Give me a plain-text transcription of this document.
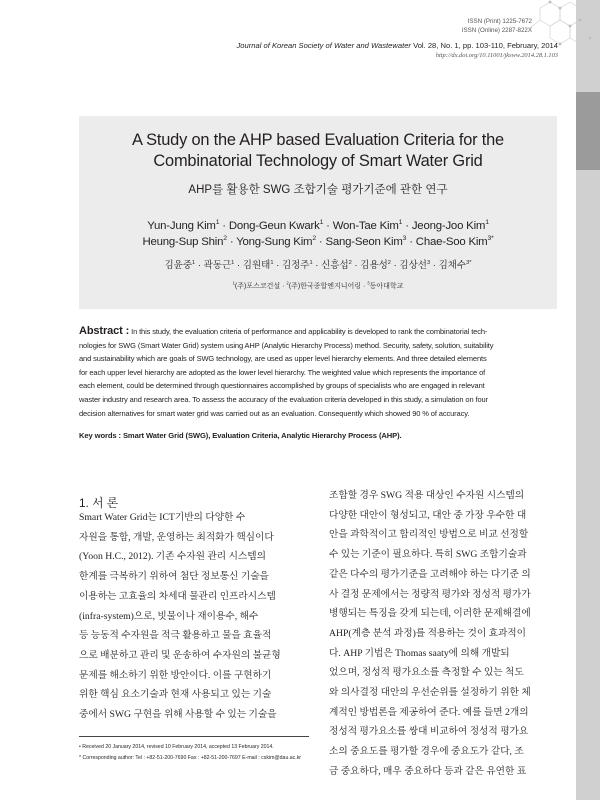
ISSN (Print) 1225-7672
ISSN (Online) 2287-822X
Journal of Korean Society of Water and Wastewater Vol. 28, No. 1, pp. 103-110, February, 2014
http://dx.doi.org/10.11001/jksww.2014.28.1.103
A Study on the AHP based Evaluation Criteria for the
Combinatorial Technology of Smart Water Grid
AHP를 활용한 SWG 조합기술 평가기준에 관한 연구
Yun-Jung Kim$^1$ · Dong-Geun Kwark$^1$ · Won-Tae Kim$^1$ · Jeong-Joo Kim$^1$
Heung-Sup Shin$^2$ · Yong-Sung Kim$^2$ · Sang-Seon Kim$^3$ · Chae-Soo Kim$^{3*}$
김윤중$^1$ · 곽동근$^1$ · 김원태$^1$ · 김정주$^1$ · 신흥섭$^2$ · 김용성$^2$ · 김상선$^3$ · 김채수$^{3*}$
$^1$(주)포스코건설 · $^2$(주)한국종합엔지니어링 · $^3$동아대학교
Abstract : In this study, the evaluation criteria of performance and applicability is developed to rank the combinatorial tech-
nologies for SWG (Smart Water Grid) system using AHP (Analytic Hierarchy Process) method. Security, safety, solution, suitability
and sustainability which are goals of SWG technology, are used as upper level hierarchy elements. And three detailed elements
for each upper level hierarchy are adopted as the lower level hierarchy. The weighted value which represents the importance of
each element, could be determined through questionnaires accomplished by groups of specialists who are engaged in relevant
waster industry and research area. To assess the accuracy of the evaluation criteria developed in this study, a simulation on four
decision alternatives for smart water grid was carried out as an evaluation. Consequently which showed 90 % of accuracy.
Key words : Smart Water Grid (SWG), Evaluation Criteria, Analytic Hierarchy Process (AHP).
1. 서 론
Smart Water Grid는 ICT기반의 다양한 수
자원을 통합, 개발, 운영하는 최적화가 핵심이다
(Yoon H.C., 2012). 기존 수자원 관리 시스템의
한계를 극복하기 위하여 첨단 정보통신 기술을
이용하는 고효율의 차세대 물관리 인프라시스템
(infra-system)으로, 빗물이나 재이용수, 해수
등 능동적 수자원을 적극 활용하고 물을 효율적
으로 배분하고 관리 및 운송하여 수자원의 불균형
문제를 해소하기 위한 방안이다. 이를 구현하기
위한 핵심 요소기술과 현재 사용되고 있는 기술
중에서 SWG 구현을 위해 사용할 수 있는 기술을
조합할 경우 SWG 적용 대상인 수자원 시스템의
다양한 대안이 형성되고, 대안 중 가장 우수한 대
안을 과학적이고 합리적인 방법으로 비교 선정할
수 있는 기준이 필요하다. 특히 SWG 조합기술과
같은 다수의 평가기준을 고려해야 하는 다기준 의
사 결정 문제에서는 정량적 평가와 정성적 평가가
병행되는 특징을 갖게 되는데, 이러한 문제해결에
AHP(계층 분석 과정)를 적용하는 것이 효과적이
다. AHP 기법은 Thomas saaty에 의해 개발되
었으며, 정성적 평가요소를 측정할 수 있는 척도
와 의사결정 대안의 우선순위를 설정하기 위한 체
계적인 방법론을 제공하여 준다. 예를 들면 2개의
정성적 평가요소를 쌍대 비교하여 정성적 평가요
소의 중요도를 평가할 경우에 중요도가 같다, 조
금 중요하다, 매우 중요하다 등과 같은 유연한 표
• Received 20 January 2014, revised 10 February 2014, accepted 13 February 2014.
* Corresponding author: Tel : +82-51-200-7690 Fax : +82-51-200-7697 E-mail : cskim@dau.ac.kr
